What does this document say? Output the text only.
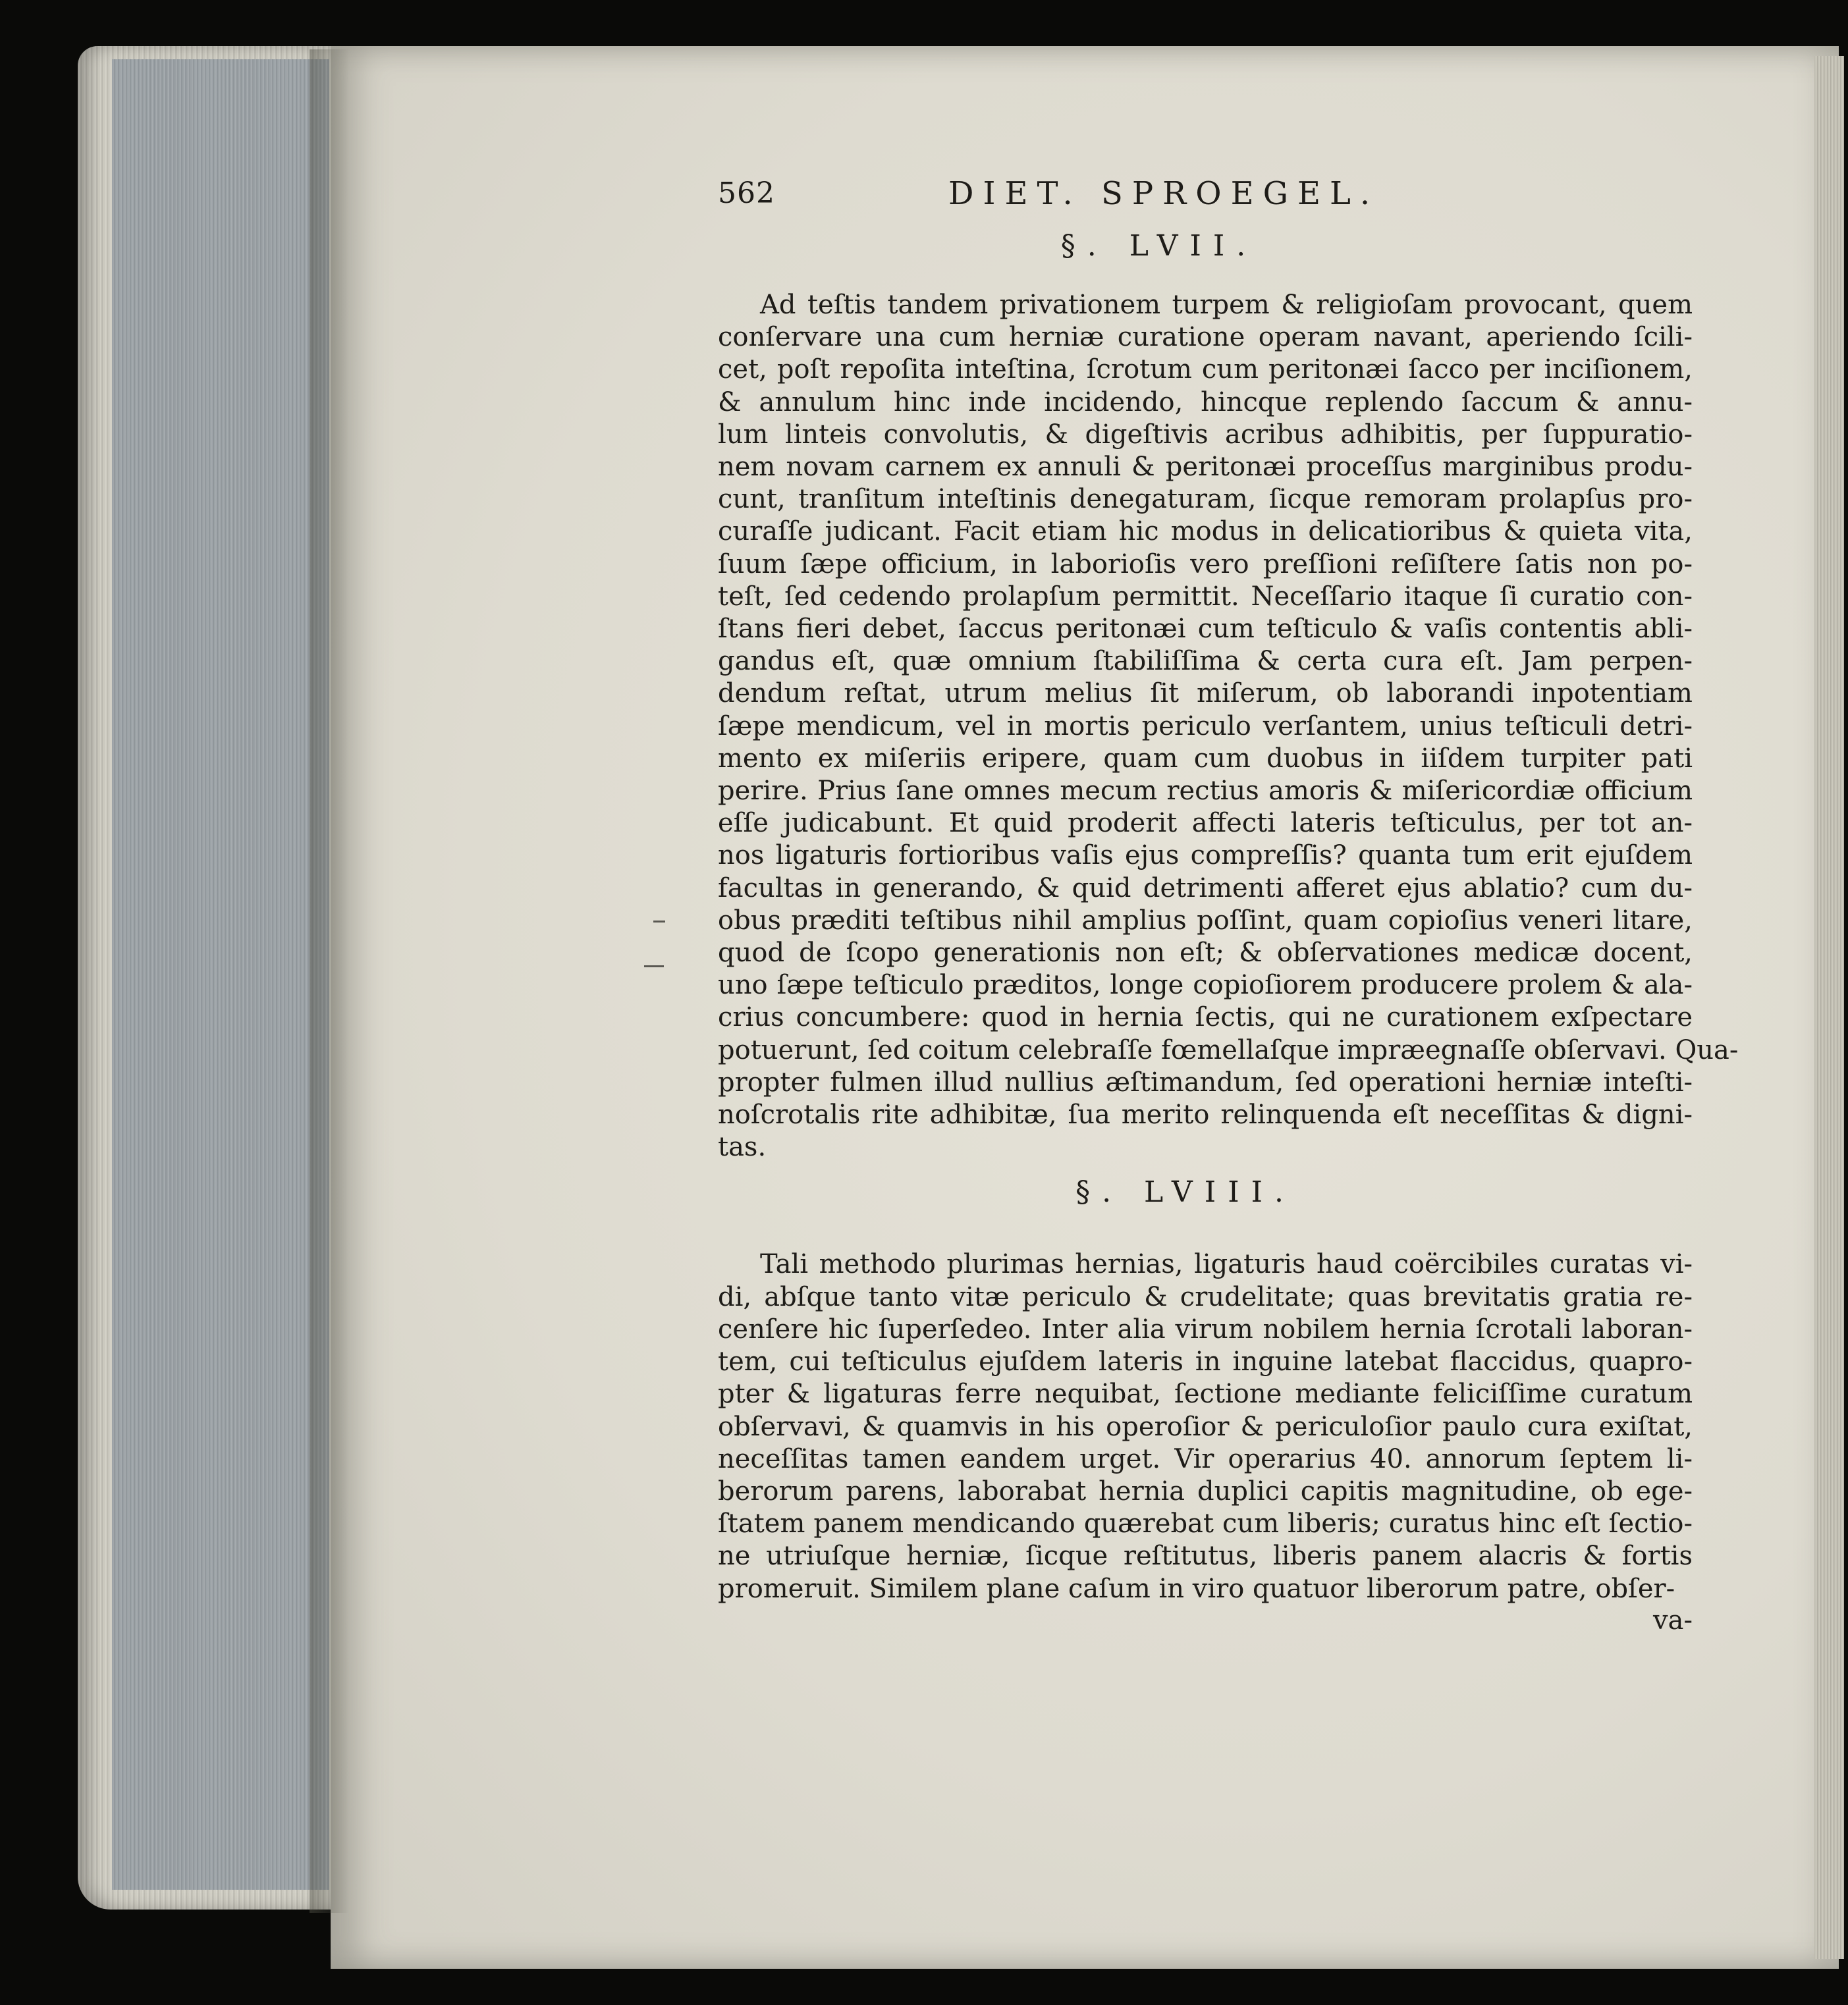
562	DIET. SPROEGEL.
§. LVII.
Ad teſtis tandem privationem turpem & religioſam provocant, quem
conſervare una cum herniæ curatione operam navant, aperiendo ſcili-
cet, poſt repoſita inteſtina, ſcrotum cum peritonæi ſacco per inciſionem,
& annulum hinc inde incidendo, hincque replendo ſaccum & annu-
lum linteis convolutis, & digeſtivis acribus adhibitis, per ſuppuratio-
nem novam carnem ex annuli & peritonæi proceſſus marginibus produ-
cunt, tranſitum inteſtinis denegaturam, ſicque remoram prolapſus pro-
curaſſe judicant. Facit etiam hic modus in delicatioribus & quieta vita,
ſuum ſæpe officium, in laborioſis vero preſſioni reſiſtere ſatis non po-
teſt, ſed cedendo prolapſum permittit. Neceſſario itaque ſi curatio con-
ſtans fieri debet, ſaccus peritonæi cum teſticulo & vaſis contentis abli-
gandus eſt, quæ omnium ſtabiliſſima & certa cura eſt. Jam perpen-
dendum reſtat, utrum melius ſit miſerum, ob laborandi inpotentiam
ſæpe mendicum, vel in mortis periculo verſantem, unius teſticuli detri-
mento ex miſeriis eripere, quam cum duobus in iiſdem turpiter pati
perire. Prius ſane omnes mecum rectius amoris & miſericordiæ officium
eſſe judicabunt. Et quid proderit affecti lateris teſticulus, per tot an-
nos ligaturis fortioribus vaſis ejus compreſſis? quanta tum erit ejuſdem
facultas in generando, & quid detrimenti afferet ejus ablatio? cum du-
obus præditi teſtibus nihil amplius poſſint, quam copioſius veneri litare,
quod de ſcopo generationis non eſt; & obſervationes medicæ docent,
uno ſæpe teſticulo præditos, longe copioſiorem producere prolem & ala-
crius concumbere: quod in hernia ſectis, qui ne curationem exſpectare
potuerunt, ſed coitum celebraſſe fœmellaſque impræegnaſſe obſervavi. Qua-
propter fulmen illud nullius æſtimandum, ſed operationi herniæ inteſti-
noſcrotalis rite adhibitæ, ſua merito relinquenda eſt neceſſitas & digni-
tas.
§. LVIII.
Tali methodo plurimas hernias, ligaturis haud coërcibiles curatas vi-
di, abſque tanto vitæ periculo & crudelitate; quas brevitatis gratia re-
cenſere hic ſuperſedeo. Inter alia virum nobilem hernia ſcrotali laboran-
tem, cui teſticulus ejuſdem lateris in inguine latebat flaccidus, quapro-
pter & ligaturas ferre nequibat, ſectione mediante feliciſſime curatum
obſervavi, & quamvis in his operoſior & periculoſior paulo cura exiſtat,
neceſſitas tamen eandem urget. Vir operarius 40. annorum ſeptem li-
berorum parens, laborabat hernia duplici capitis magnitudine, ob ege-
ſtatem panem mendicando quærebat cum liberis; curatus hinc eſt ſectio-
ne utriuſque herniæ, ſicque reſtitutus, liberis panem alacris & fortis
promeruit. Similem plane caſum in viro quatuor liberorum patre, obſer-
va-
